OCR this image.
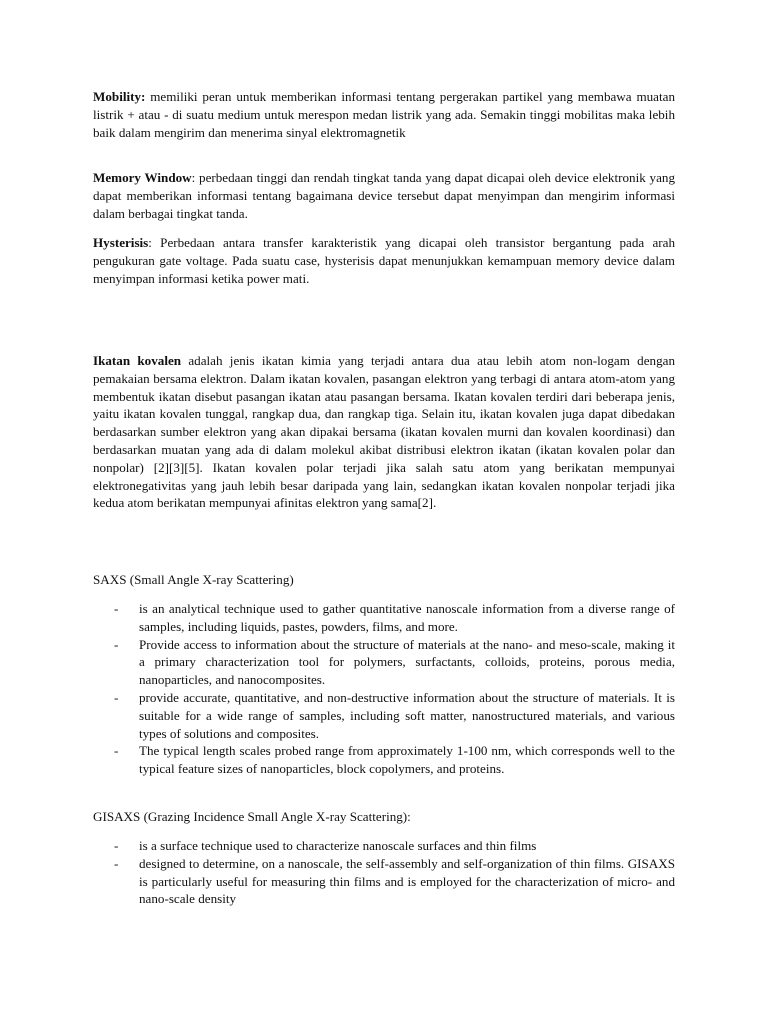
Mobility: memiliki peran untuk memberikan informasi tentang pergerakan partikel yang membawa muatan listrik + atau - di suatu medium untuk merespon medan listrik yang ada. Semakin tinggi mobilitas maka lebih baik dalam mengirim dan menerima sinyal elektromagnetik

Memory Window: perbedaan tinggi dan rendah tingkat tanda yang dapat dicapai oleh device elektronik yang dapat memberikan informasi tentang bagaimana device tersebut dapat menyimpan dan mengirim informasi dalam berbagai tingkat tanda.

Hysterisis: Perbedaan antara transfer karakteristik yang dicapai oleh transistor bergantung pada arah pengukuran gate voltage. Pada suatu case, hysterisis dapat menunjukkan kemampuan memory device dalam menyimpan informasi ketika power mati.

Ikatan kovalen adalah jenis ikatan kimia yang terjadi antara dua atau lebih atom non-logam dengan pemakaian bersama elektron. Dalam ikatan kovalen, pasangan elektron yang terbagi di antara atom-atom yang membentuk ikatan disebut pasangan ikatan atau pasangan bersama. Ikatan kovalen terdiri dari beberapa jenis, yaitu ikatan kovalen tunggal, rangkap dua, dan rangkap tiga. Selain itu, ikatan kovalen juga dapat dibedakan berdasarkan sumber elektron yang akan dipakai bersama (ikatan kovalen murni dan kovalen koordinasi) dan berdasarkan muatan yang ada di dalam molekul akibat distribusi elektron ikatan (ikatan kovalen polar dan nonpolar) [2][3][5]. Ikatan kovalen polar terjadi jika salah satu atom yang berikatan mempunyai elektronegativitas yang jauh lebih besar daripada yang lain, sedangkan ikatan kovalen nonpolar terjadi jika kedua atom berikatan mempunyai afinitas elektron yang sama[2].

SAXS (Small Angle X-ray Scattering)

- is an analytical technique used to gather quantitative nanoscale information from a diverse range of samples, including liquids, pastes, powders, films, and more.
- Provide access to information about the structure of materials at the nano- and meso-scale, making it a primary characterization tool for polymers, surfactants, colloids, proteins, porous media, nanoparticles, and nanocomposites.
- provide accurate, quantitative, and non-destructive information about the structure of materials. It is suitable for a wide range of samples, including soft matter, nanostructured materials, and various types of solutions and composites.
- The typical length scales probed range from approximately 1-100 nm, which corresponds well to the typical feature sizes of nanoparticles, block copolymers, and proteins.

GISAXS (Grazing Incidence Small Angle X-ray Scattering):

- is a surface technique used to characterize nanoscale surfaces and thin films
- designed to determine, on a nanoscale, the self-assembly and self-organization of thin films. GISAXS is particularly useful for measuring thin films and is employed for the characterization of micro- and nano-scale density
